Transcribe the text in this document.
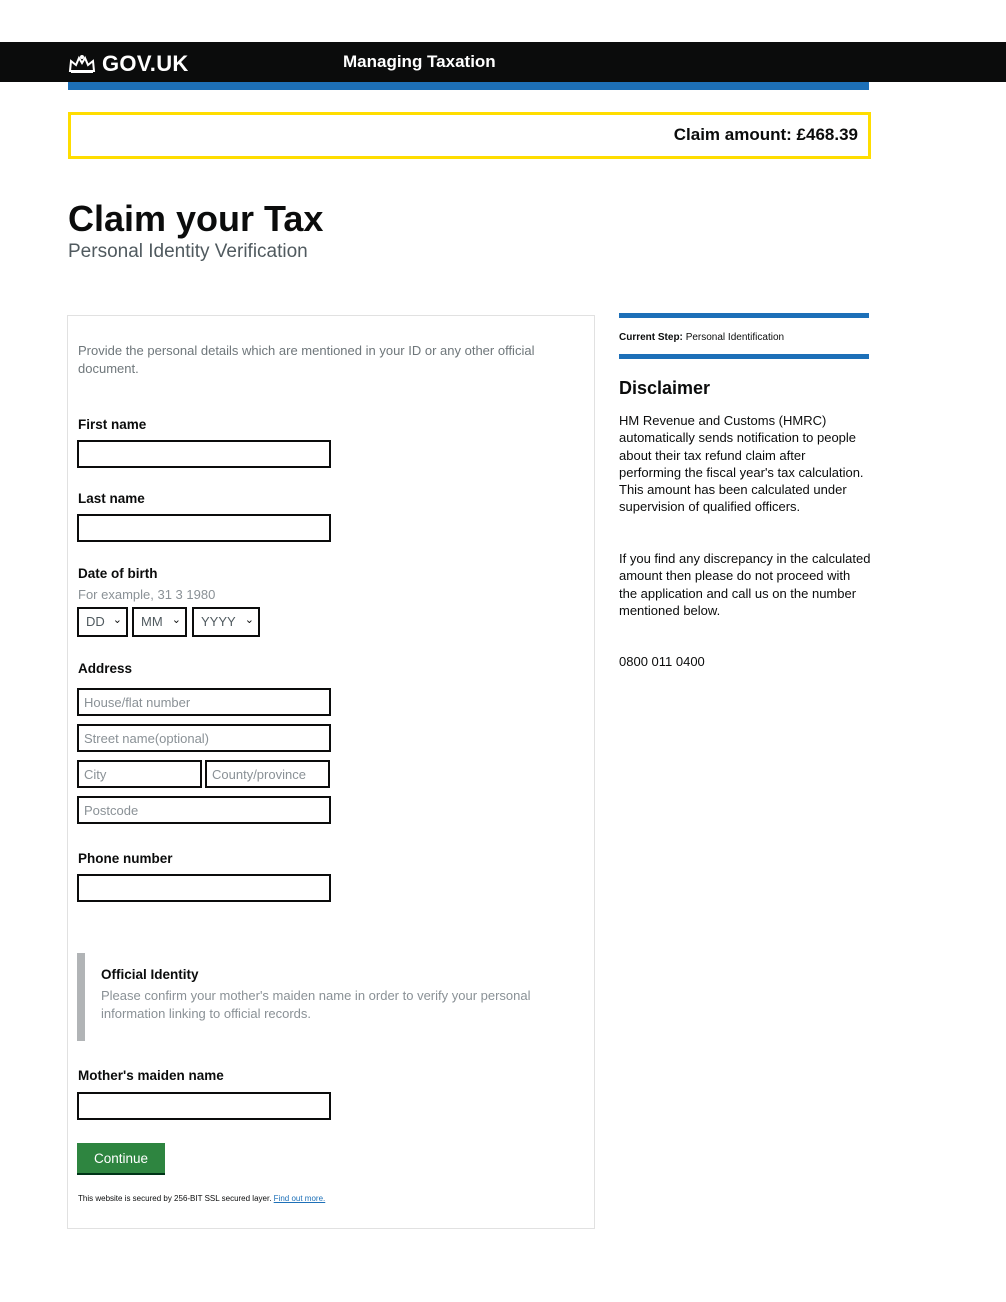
GOV.UK	Managing Taxation
Claim amount: £468.39
Claim your Tax
Personal Identity Verification
Provide the personal details which are mentioned in your ID or any other official document.
First name
Last name
Date of birth
For example, 31 3 1980
DD ⌄	MM ⌄	YYYY ⌄
Address
House/flat number
Street name(optional)
City	County/province
Postcode
Phone number
Official Identity
Please confirm your mother's maiden name in order to verify your personal information linking to official records.
Mother's maiden name
Continue
This website is secured by 256-BIT SSL secured layer. Find out more.
Current Step: Personal Identification
Disclaimer
HM Revenue and Customs (HMRC) automatically sends notification to people about their tax refund claim after performing the fiscal year's tax calculation. This amount has been calculated under supervision of qualified officers.
If you find any discrepancy in the calculated amount then please do not proceed with the application and call us on the number mentioned below.
0800 011 0400
